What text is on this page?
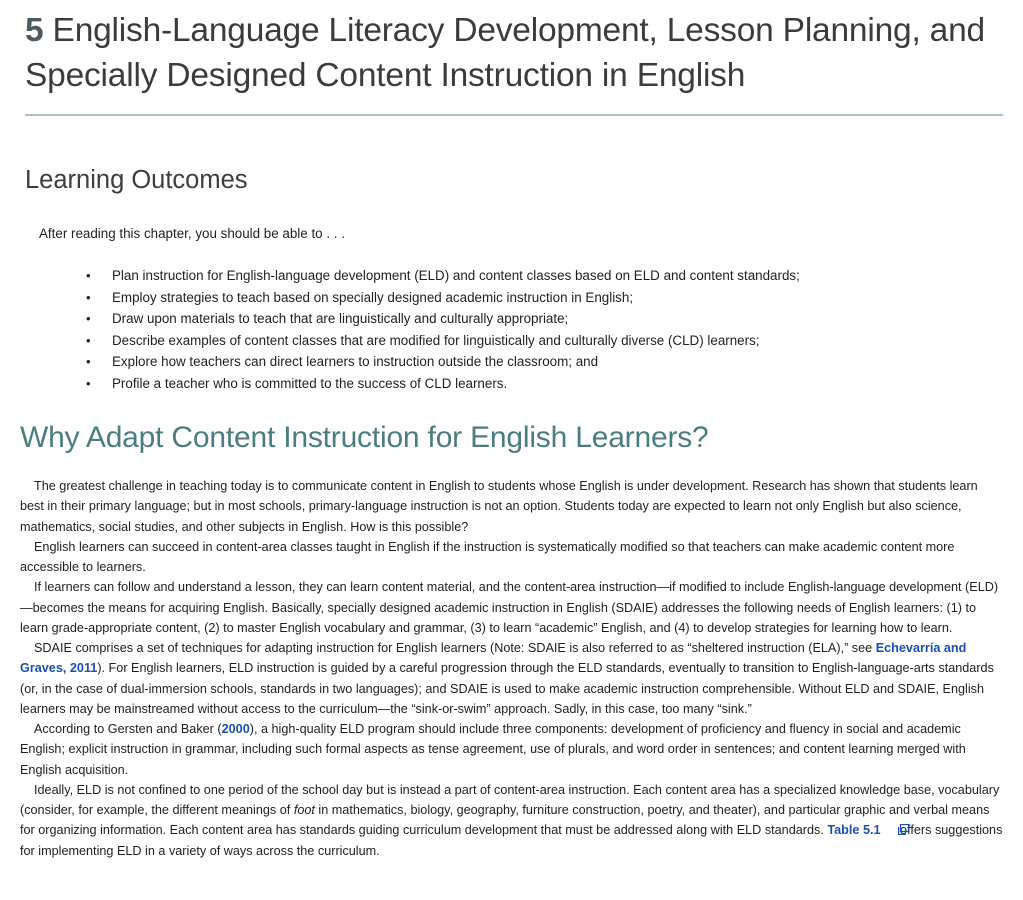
5 English-Language Literacy Development, Lesson Planning, and Specially Designed Content Instruction in English
Learning Outcomes
After reading this chapter, you should be able to . . .
• Plan instruction for English-language development (ELD) and content classes based on ELD and content standards;
• Employ strategies to teach based on specially designed academic instruction in English;
• Draw upon materials to teach that are linguistically and culturally appropriate;
• Describe examples of content classes that are modified for linguistically and culturally diverse (CLD) learners;
• Explore how teachers can direct learners to instruction outside the classroom; and
• Profile a teacher who is committed to the success of CLD learners.
Why Adapt Content Instruction for English Learners?

The greatest challenge in teaching today is to communicate content in English to students whose English is under development. Research has shown that students learn best in their primary language; but in most schools, primary-language instruction is not an option. Students today are expected to learn not only English but also science, mathematics, social studies, and other subjects in English. How is this possible?

English learners can succeed in content-area classes taught in English if the instruction is systematically modified so that teachers can make academic content more accessible to learners.

If learners can follow and understand a lesson, they can learn content material, and the content-area instruction—if modified to include English-language development (ELD)—becomes the means for acquiring English. Basically, specially designed academic instruction in English (SDAIE) addresses the following needs of English learners: (1) to learn grade-appropriate content, (2) to master English vocabulary and grammar, (3) to learn “academic” English, and (4) to develop strategies for learning how to learn.

SDAIE comprises a set of techniques for adapting instruction for English learners (Note: SDAIE is also referred to as “sheltered instruction (ELA),” see Echevarría and Graves, 2011). For English learners, ELD instruction is guided by a careful progression through the ELD standards, eventually to transition to English-language-arts standards (or, in the case of dual-immersion schools, standards in two languages); and SDAIE is used to make academic instruction comprehensible. Without ELD and SDAIE, English learners may be mainstreamed without access to the curriculum—the “sink-or-swim” approach. Sadly, in this case, too many “sink.”

According to Gersten and Baker (2000), a high-quality ELD program should include three components: development of proficiency and fluency in social and academic English; explicit instruction in grammar, including such formal aspects as tense agreement, use of plurals, and word order in sentences; and content learning merged with English acquisition.

Ideally, ELD is not confined to one period of the school day but is instead a part of content-area instruction. Each content area has a specialized knowledge base, vocabulary (consider, for example, the different meanings of foot in mathematics, biology, geography, furniture construction, poetry, and theater), and particular graphic and verbal means for organizing information. Each content area has standards guiding curriculum development that must be addressed along with ELD standards. Table 5.1 offers suggestions for implementing ELD in a variety of ways across the curriculum.
